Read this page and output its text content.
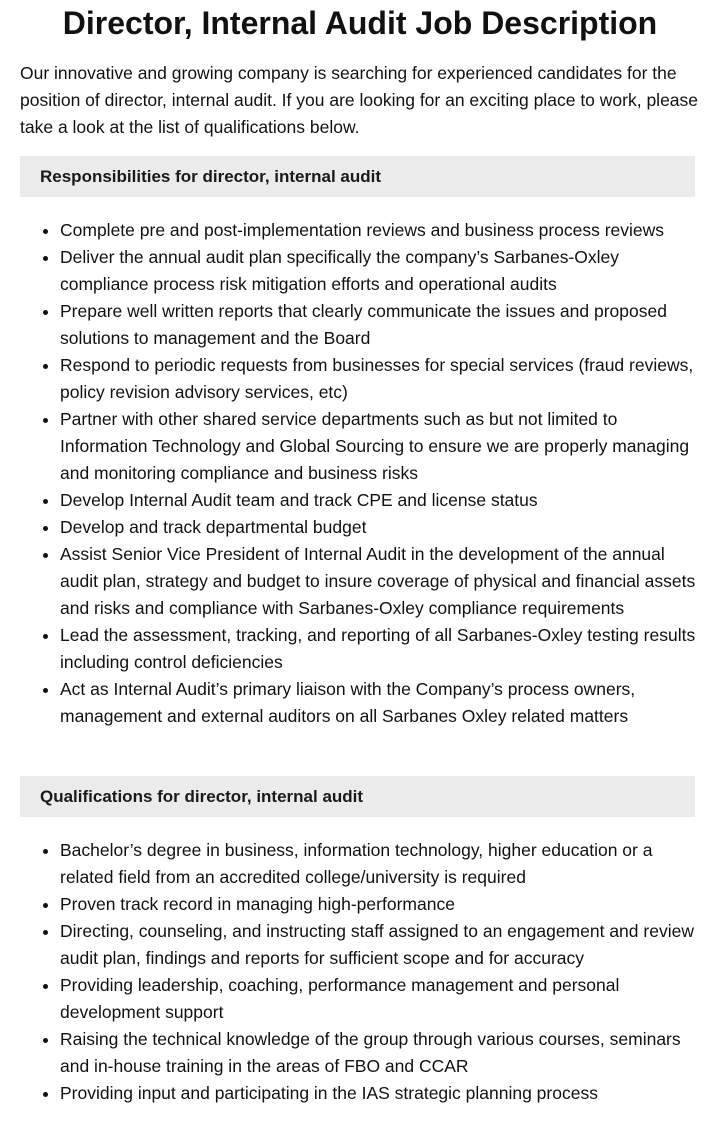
Director, Internal Audit Job Description

Our innovative and growing company is searching for experienced candidates for the position of director, internal audit. If you are looking for an exciting place to work, please take a look at the list of qualifications below.

Responsibilities for director, internal audit
• Complete pre and post-implementation reviews and business process reviews
• Deliver the annual audit plan specifically the company’s Sarbanes-Oxley compliance process risk mitigation efforts and operational audits
• Prepare well written reports that clearly communicate the issues and proposed solutions to management and the Board
• Respond to periodic requests from businesses for special services (fraud reviews, policy revision advisory services, etc)
• Partner with other shared service departments such as but not limited to Information Technology and Global Sourcing to ensure we are properly managing and monitoring compliance and business risks
• Develop Internal Audit team and track CPE and license status
• Develop and track departmental budget
• Assist Senior Vice President of Internal Audit in the development of the annual audit plan, strategy and budget to insure coverage of physical and financial assets and risks and compliance with Sarbanes-Oxley compliance requirements
• Lead the assessment, tracking, and reporting of all Sarbanes-Oxley testing results including control deficiencies
• Act as Internal Audit’s primary liaison with the Company’s process owners, management and external auditors on all Sarbanes Oxley related matters
Qualifications for director, internal audit
• Bachelor’s degree in business, information technology, higher education or a related field from an accredited college/university is required
• Proven track record in managing high-performance
• Directing, counseling, and instructing staff assigned to an engagement and review audit plan, findings and reports for sufficient scope and for accuracy
• Providing leadership, coaching, performance management and personal development support
• Raising the technical knowledge of the group through various courses, seminars and in-house training in the areas of FBO and CCAR
• Providing input and participating in the IAS strategic planning process
